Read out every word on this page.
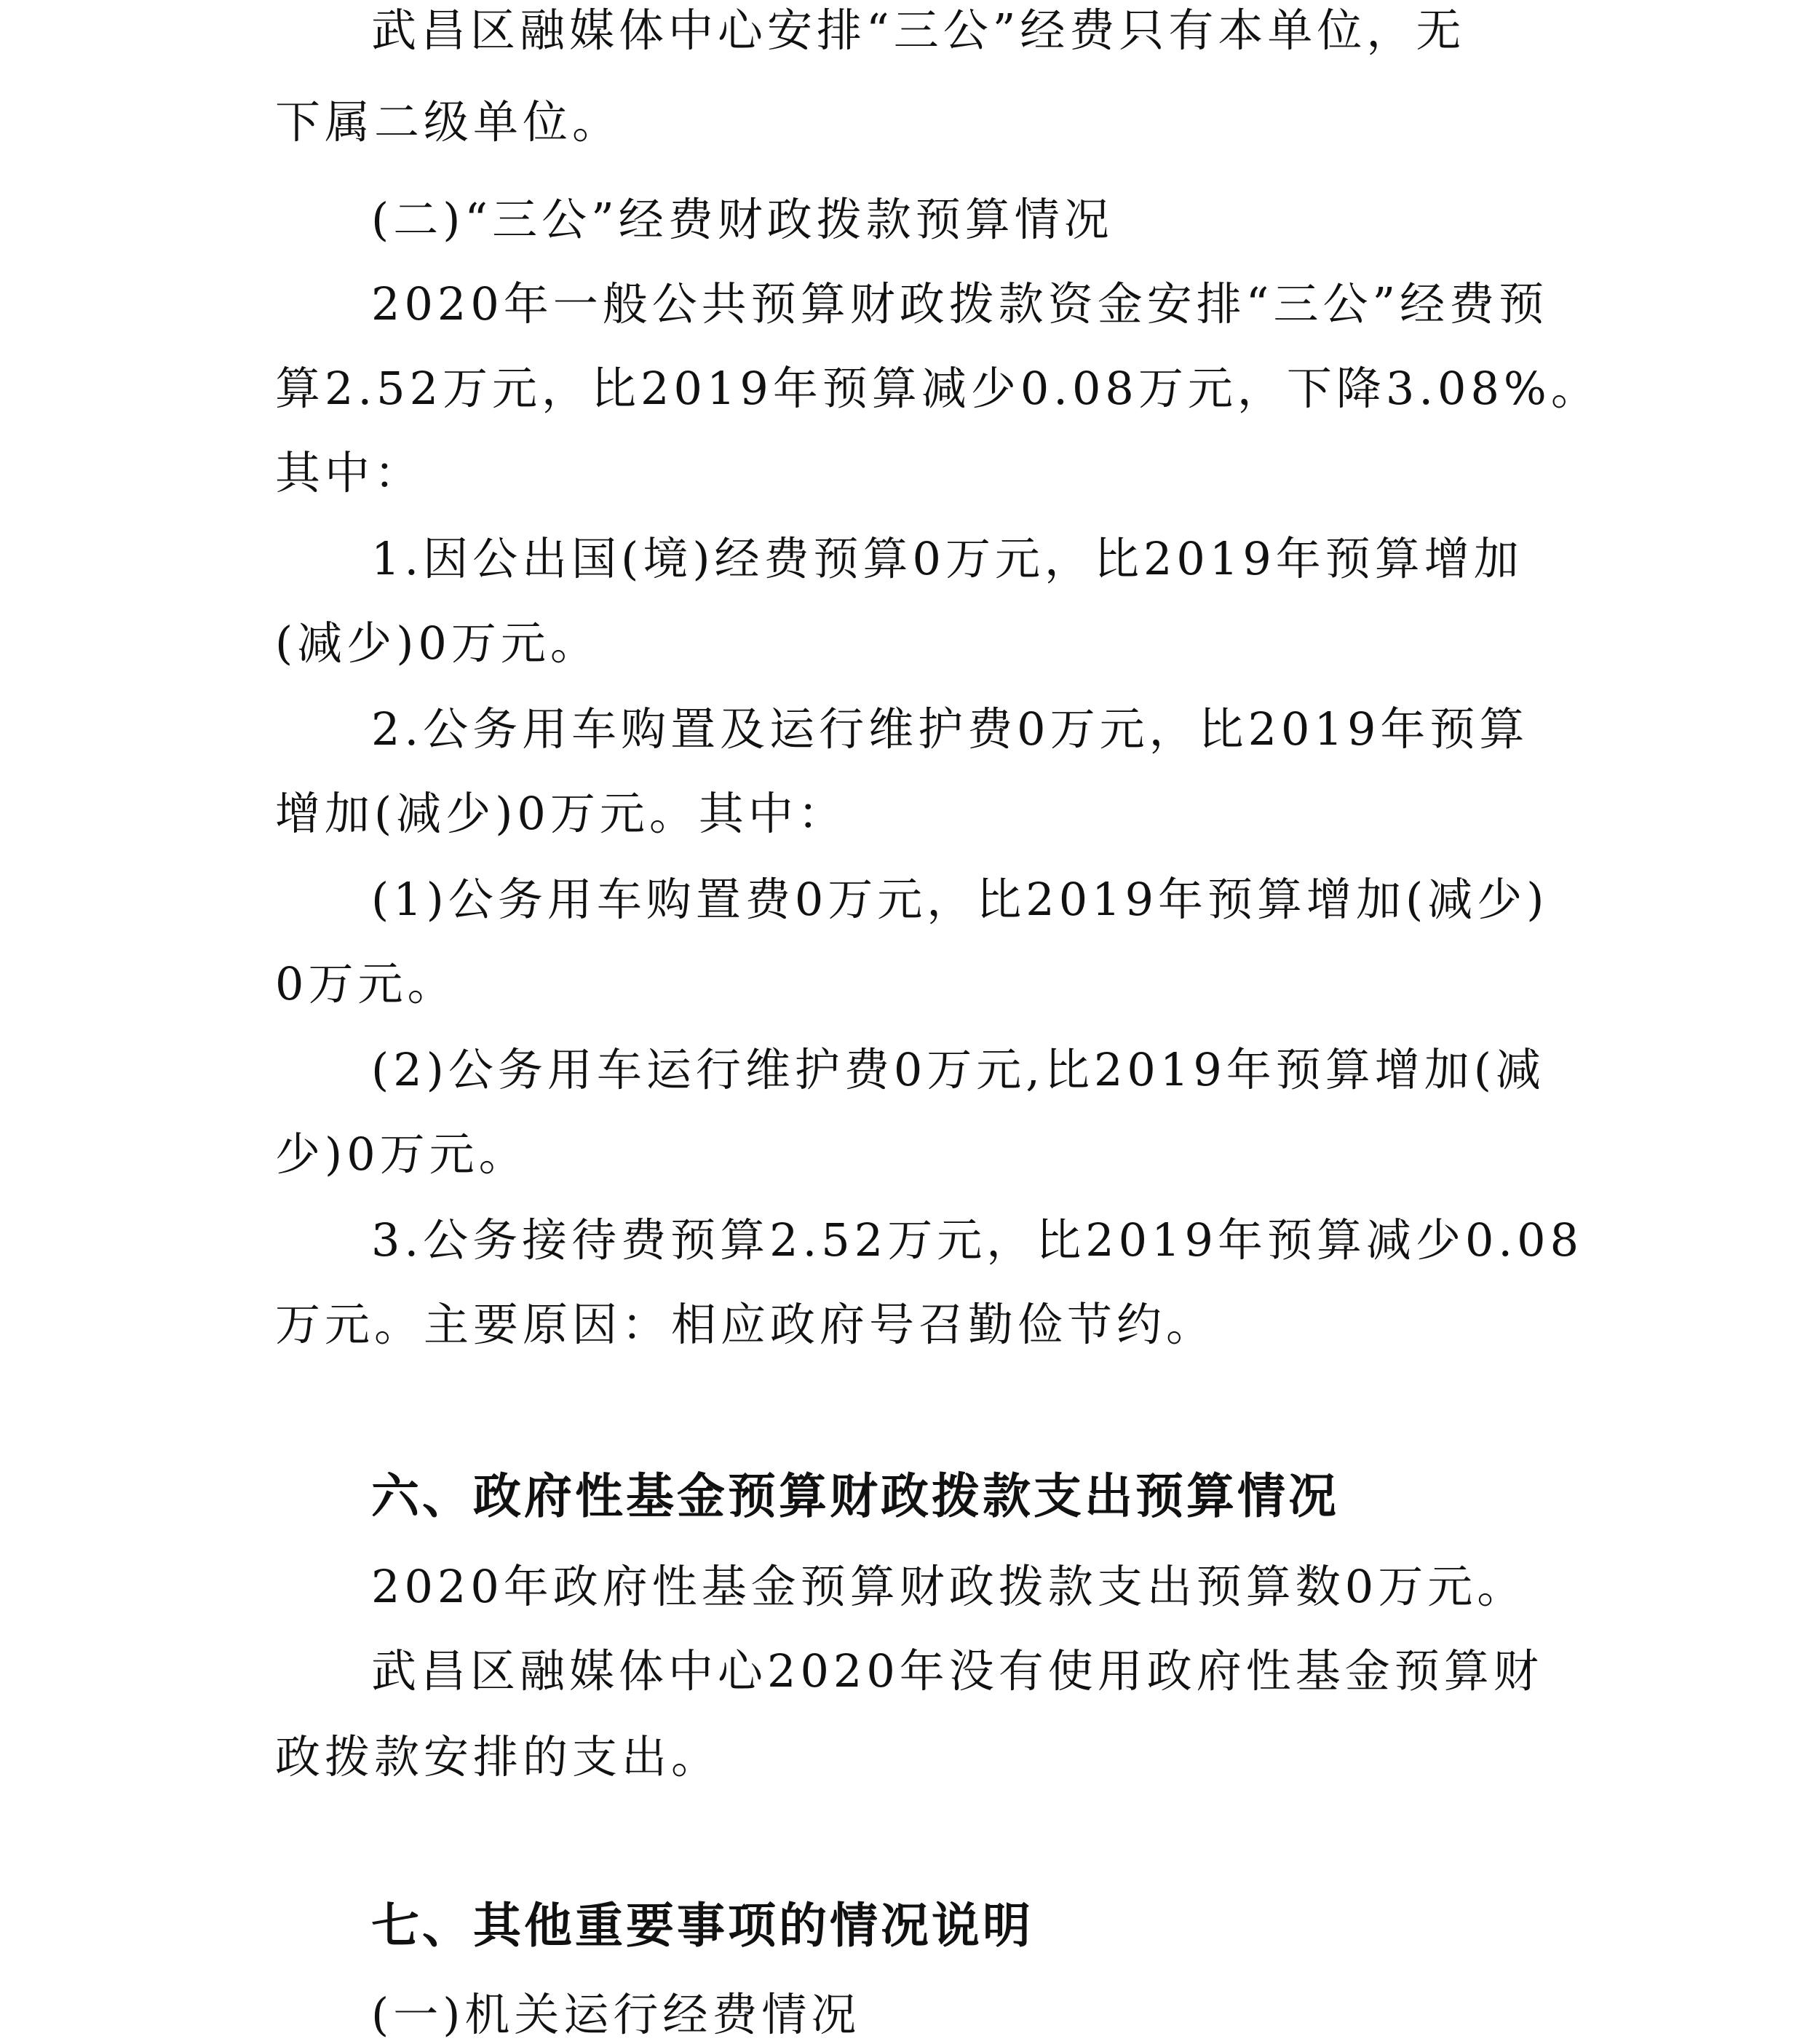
武昌区融媒体中心安排“三公”经费只有本单位，无
下属二级单位。
(二)“三公”经费财政拨款预算情况
2020年一般公共预算财政拨款资金安排“三公”经费预
算2.52万元，比2019年预算减少0.08万元，下降3.08%。
其中：
1.因公出国(境)经费预算0万元，比2019年预算增加
(减少)0万元。
2.公务用车购置及运行维护费0万元，比2019年预算
增加(减少)0万元。其中：
(1)公务用车购置费0万元，比2019年预算增加(减少)
0万元。
(2)公务用车运行维护费0万元,比2019年预算增加(减
少)0万元。
3.公务接待费预算2.52万元，比2019年预算减少0.08
万元。主要原因：相应政府号召勤俭节约。
六、政府性基金预算财政拨款支出预算情况
2020年政府性基金预算财政拨款支出预算数0万元。
武昌区融媒体中心2020年没有使用政府性基金预算财
政拨款安排的支出。
七、其他重要事项的情况说明
(一)机关运行经费情况
